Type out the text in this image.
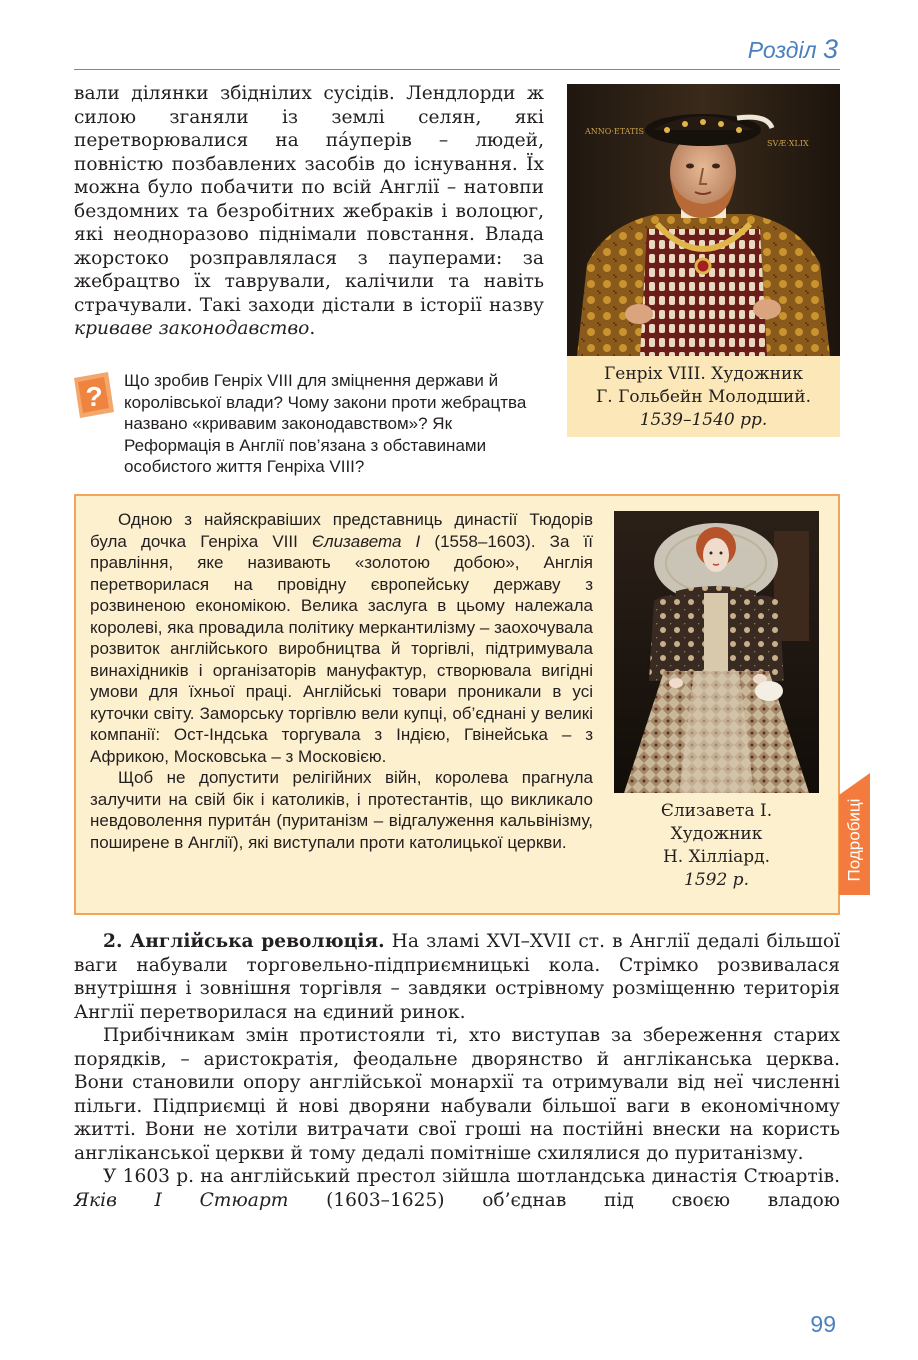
Розділ 3

вали ділянки збіднілих сусідів. Лендлорди ж силою зганяли із землі селян, які перетворювалися на па́уперів – людей, повністю позбавлених засобів до існування. Їх можна було побачити по всій Англії – натовпи бездомних та безробітних жебраків і волоцюг, які неодноразово піднімали повстання. Влада жорстоко розправлялася з пауперами: за жебрацтво їх таврували, калічили та навіть страчували. Такі заходи дістали в історії назву криваве законодавство.

ANNO·ETATIS
SVÆ·XLIX
Генріх VIII. Художник
Г. Гольбейн Молодший.
1539–1540 рр.
?

Що зробив Генріх VIII для зміцнення держави й королівської влади? Чому закони проти жебрацтва названо «кривавим законодавством»? Як Реформація в Англії пов’язана з обставинами особистого життя Генріха VIII?

Одною з найяскравіших представниць династії Тюдорів була дочка Генріха VIII Єлизавета I (1558–1603). За її правління, яке називають «золотою добою», Англія перетворилася на провідну європейську державу з розвиненою економікою. Велика заслуга в цьому належала королеві, яка провадила політику меркантилізму – заохочувала розвиток англійського виробництва й торгівлі, підтримувала винахідників і організаторів мануфактур, створювала вигідні умови для їхньої праці. Англійські товари проникали в усі куточки світу. Заморську торгівлю вели купці, об’єднані у великі компанії: Ост-Індська торгувала з Індією, Гвінейська – з Африкою, Московська – з Московією.

Щоб не допустити релігійних війн, королева прагнула залучити на свій бік і католиків, і протестантів, що викликало невдоволення пурита́н (пуританізм – відгалуження кальвінізму, поширене в Англії), які виступали проти католицької церкви.

Єлизавета I.
Художник
Н. Хілліард.
1592 р.	Подробиці

2. Англійська революція. На зламі XVI–XVII ст. в Англії дедалі більшої ваги набували торговельно-підприємницькі кола. Стрімко розвивалася внутрішня і зовнішня торгівля – завдяки острівному розміщенню територія Англії перетворилася на єдиний ринок.

Прибічникам змін протистояли ті, хто виступав за збереження старих порядків, – аристократія, феодальне дворянство й англіканська церква. Вони становили опору англійської монархії та отримували від неї численні пільги. Підприємці й нові дворяни набували більшої ваги в економічному житті. Вони не хотіли витрачати свої гроші на постійні внески на користь англіканської церкви й тому дедалі помітніше схилялися до пуританізму.

У 1603 р. на англійський престол зійшла шотландська династія Стюартів. Яків I Стюарт (1603–1625) об’єднав під своєю владою

99
